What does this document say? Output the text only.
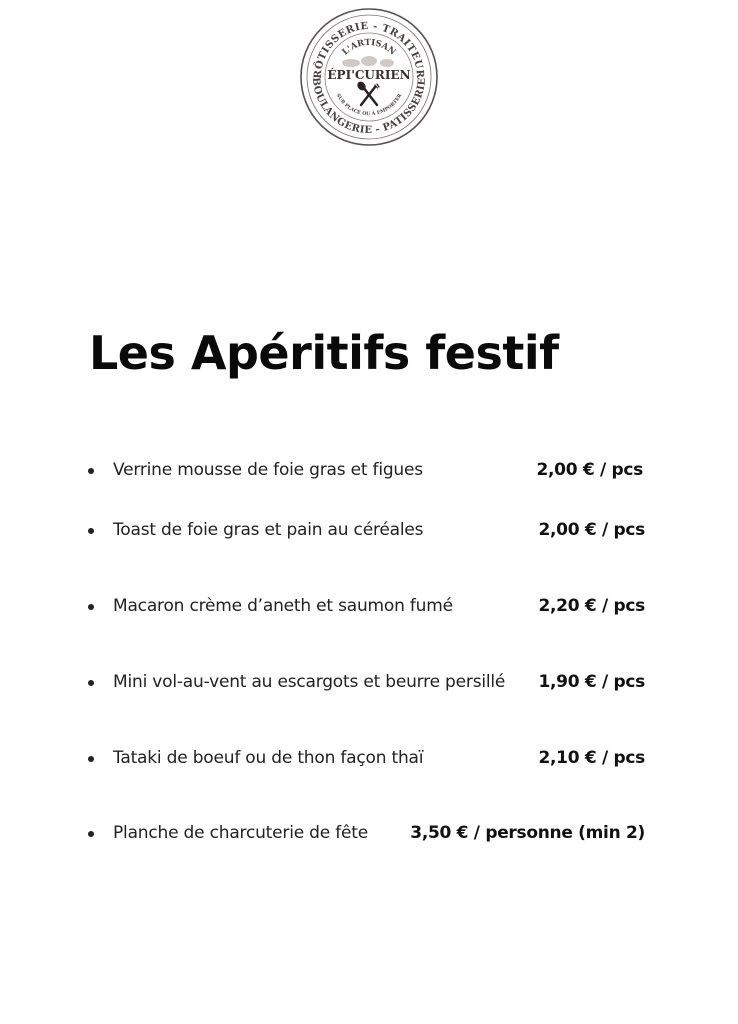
RÔTISSERIE - TRAITEUR
BOULANGERIE - PATISSERIE
L'ARTISAN
ÉPI'CURIEN
SUR PLACE OU À EMPORTER
Les Apéritifs festif
Verrine mousse de foie gras et figues	2,00 € / pcs
Toast de foie gras et pain au céréales	2,00 € / pcs
Macaron crème d’aneth et saumon fumé	2,20 € / pcs
Mini vol-au-vent au escargots et beurre persillé 1,90 € / pcs
Tataki de boeuf ou de thon façon thaï	2,10 € / pcs
Planche de charcuterie de fête 3,50 € / personne (min 2)
